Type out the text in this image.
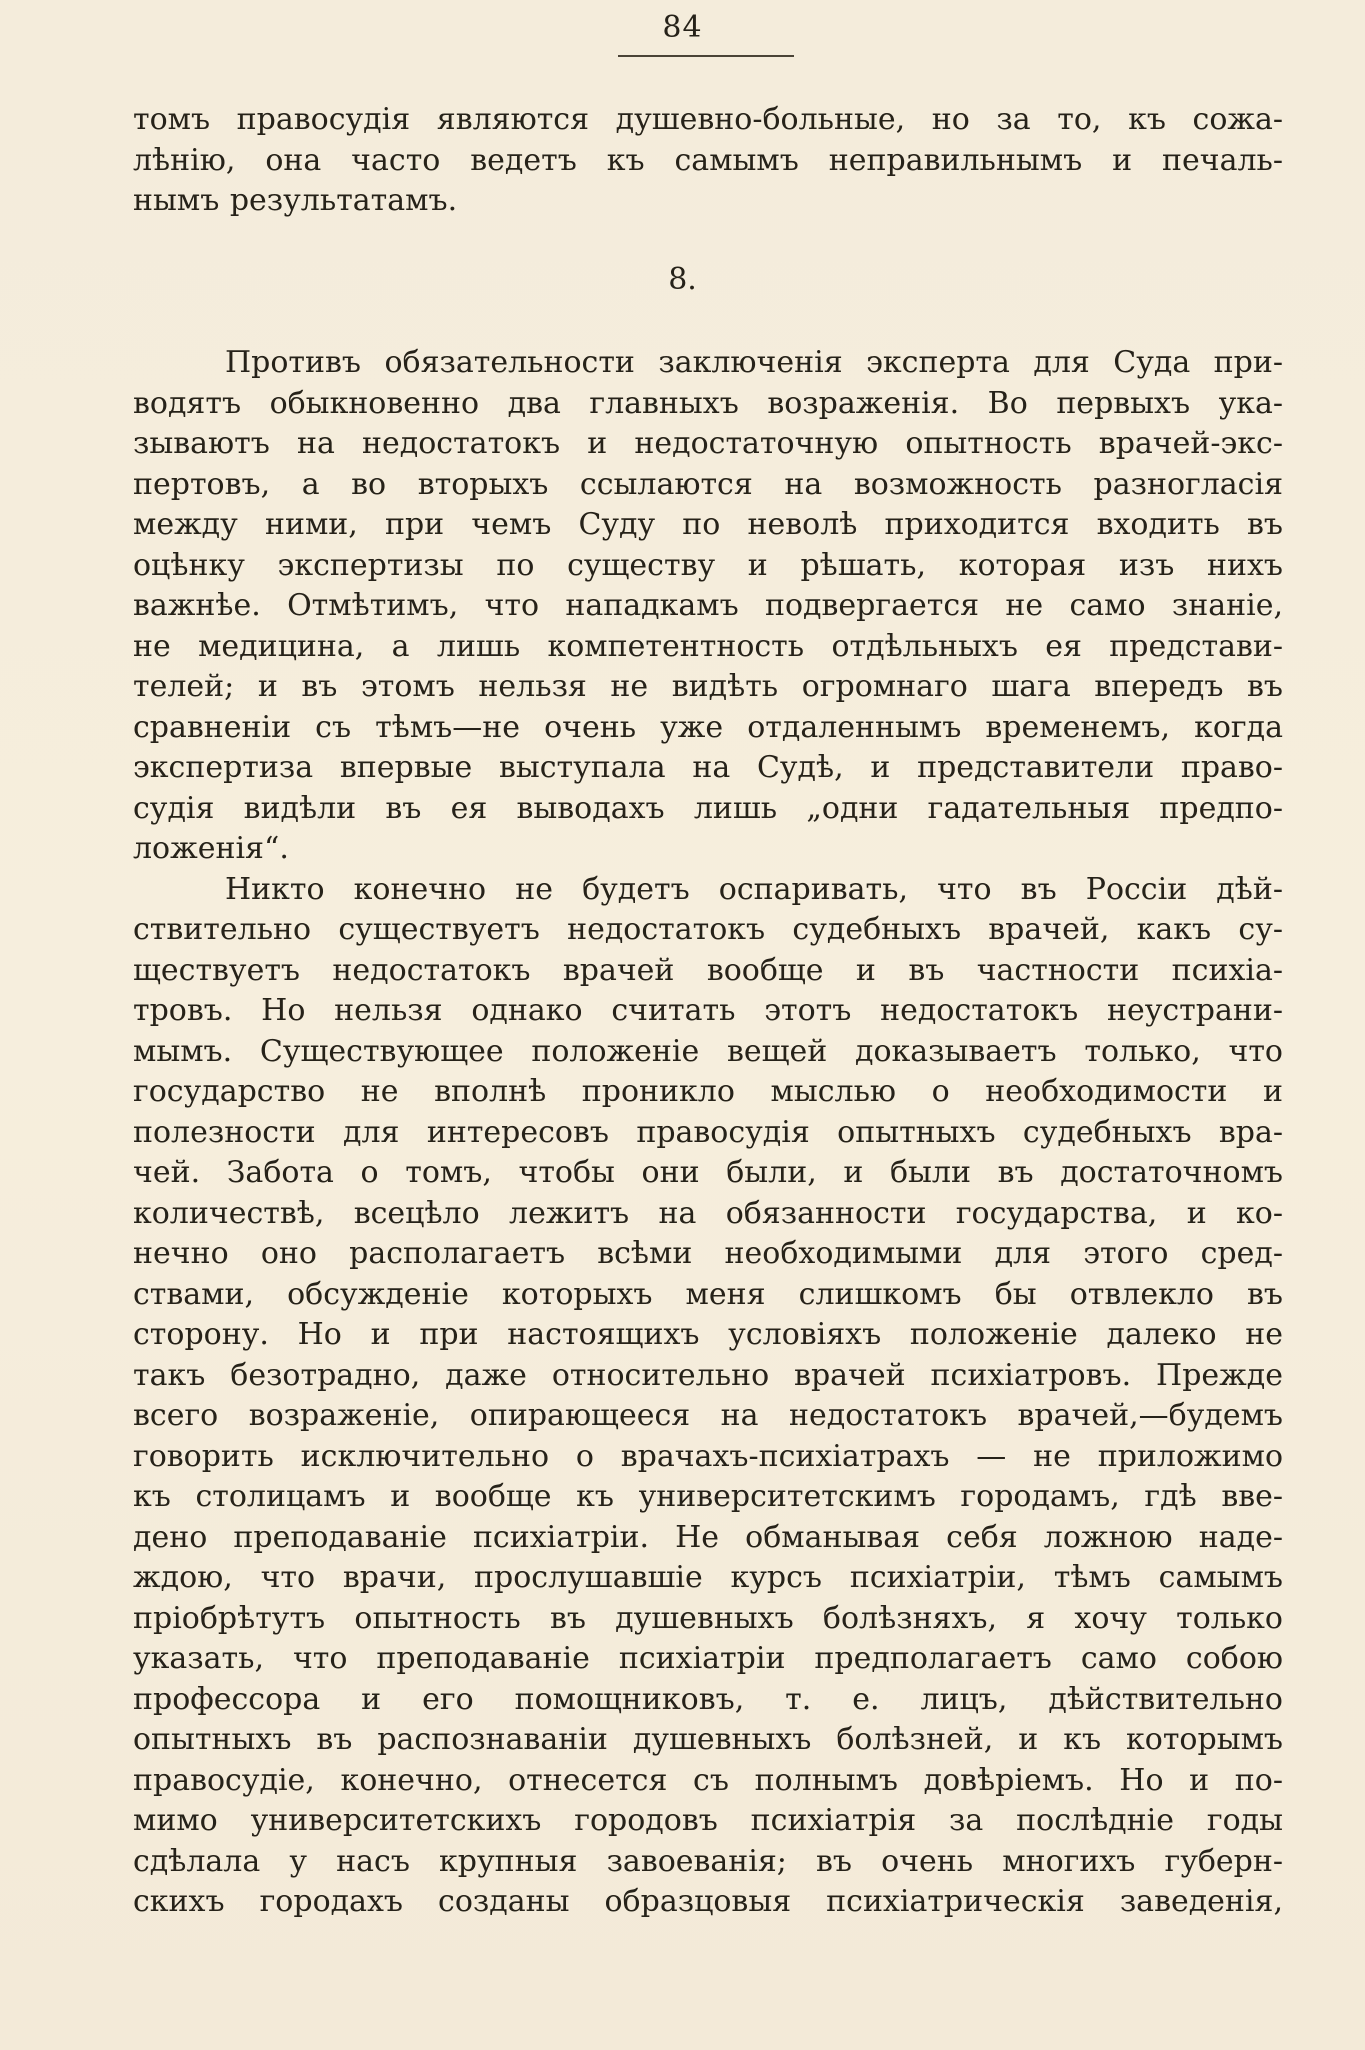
84
томъ правосудія являются душевно-больные, но за то, къ сожа-
лѣнію, она часто ведетъ къ самымъ неправильнымъ и печаль-
нымъ результатамъ.
8.
Противъ обязательности заключенія эксперта для Суда при-
водятъ обыкновенно два главныхъ возраженія. Во первыхъ ука-
зываютъ на недостатокъ и недостаточную опытность врачей-экс-
пертовъ, а во вторыхъ ссылаются на возможность разногласія
между ними, при чемъ Суду по неволѣ приходится входить въ
оцѣнку экспертизы по существу и рѣшать, которая изъ нихъ
важнѣе. Отмѣтимъ, что нападкамъ подвергается не само знаніе,
не медицина, а лишь компетентность отдѣльныхъ ея представи-
телей; и въ этомъ нельзя не видѣть огромнаго шага впередъ въ
сравненіи съ тѣмъ—не очень уже отдаленнымъ временемъ, когда
экспертиза впервые выступала на Судѣ, и представители право-
судія видѣли въ ея выводахъ лишь „одни гадательныя предпо-
ложенія“.
Никто конечно не будетъ оспаривать, что въ Россіи дѣй-
ствительно существуетъ недостатокъ судебныхъ врачей, какъ су-
ществуетъ недостатокъ врачей вообще и въ частности психіа-
тровъ. Но нельзя однако считать этотъ недостатокъ неустрани-
мымъ. Существующее положеніе вещей доказываетъ только, что
государство не вполнѣ проникло мыслью о необходимости и
полезности для интересовъ правосудія опытныхъ судебныхъ вра-
чей. Забота о томъ, чтобы они были, и были въ достаточномъ
количествѣ, всецѣло лежитъ на обязанности государства, и ко-
нечно оно располагаетъ всѣми необходимыми для этого сред-
ствами, обсужденіе которыхъ меня слишкомъ бы отвлекло въ
сторону. Но и при настоящихъ условіяхъ положеніе далеко не
такъ безотрадно, даже относительно врачей психіатровъ. Прежде
всего возраженіе, опирающееся на недостатокъ врачей,—будемъ
говорить исключительно о врачахъ-психіатрахъ — не приложимо
къ столицамъ и вообще къ университетскимъ городамъ, гдѣ вве-
дено преподаваніе психіатріи. Не обманывая себя ложною наде-
ждою, что врачи, прослушавшіе курсъ психіатріи, тѣмъ самымъ
пріобрѣтутъ опытность въ душевныхъ болѣзняхъ, я хочу только
указать, что преподаваніе психіатріи предполагаетъ само собою
профессора и его помощниковъ, т. е. лицъ, дѣйствительно
опытныхъ въ распознаваніи душевныхъ болѣзней, и къ которымъ
правосудіе, конечно, отнесется съ полнымъ довѣріемъ. Но и по-
мимо университетскихъ городовъ психіатрія за послѣдніе годы
сдѣлала у насъ крупныя завоеванія; въ очень многихъ губерн-
скихъ городахъ созданы образцовыя психіатрическія заведенія,
